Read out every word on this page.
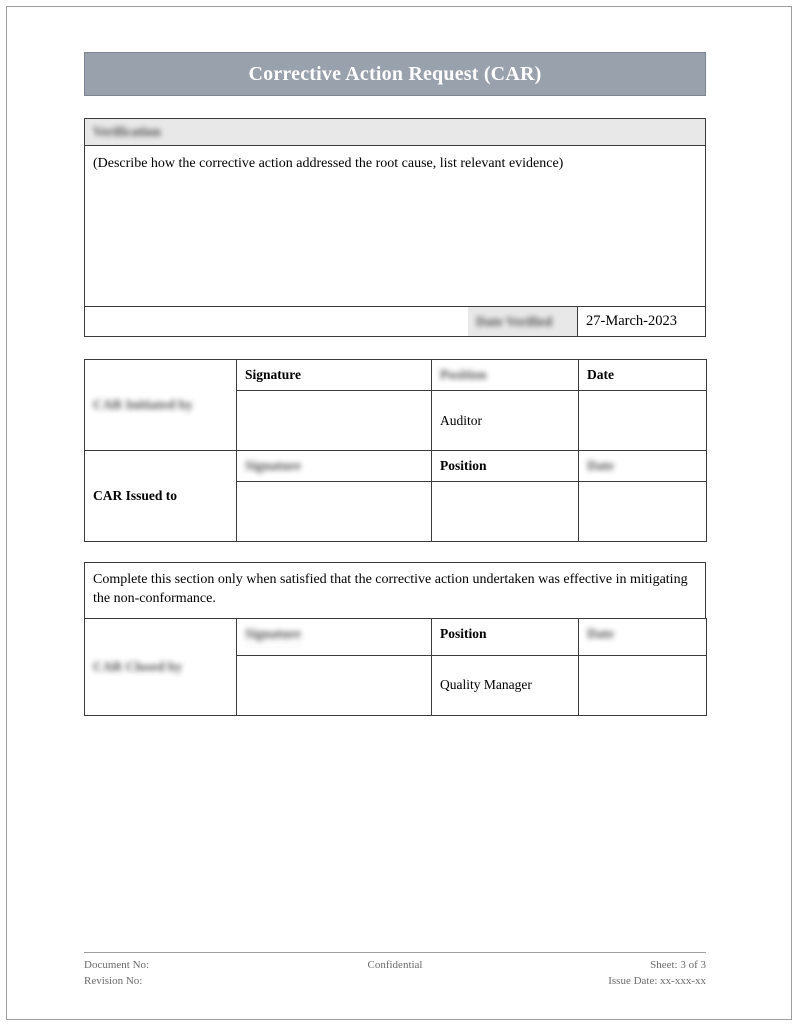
Corrective Action Request (CAR)
Verification
(Describe how the corrective action addressed the root cause, list relevant evidence)
Date Verified 27-March-2023
CAR Initiated by	Signature	Position	Date
		Auditor	
CAR Issued to	Signature	Position	Date

Complete this section only when satisfied that the corrective action undertaken was effective in mitigating the non-conformance.
CAR Closed by	Signature	Position	Date
		Quality Manager	
Document No:
Revision No:
Confidential	Sheet: 3 of 3
Issue Date: xx-xxx-xx
